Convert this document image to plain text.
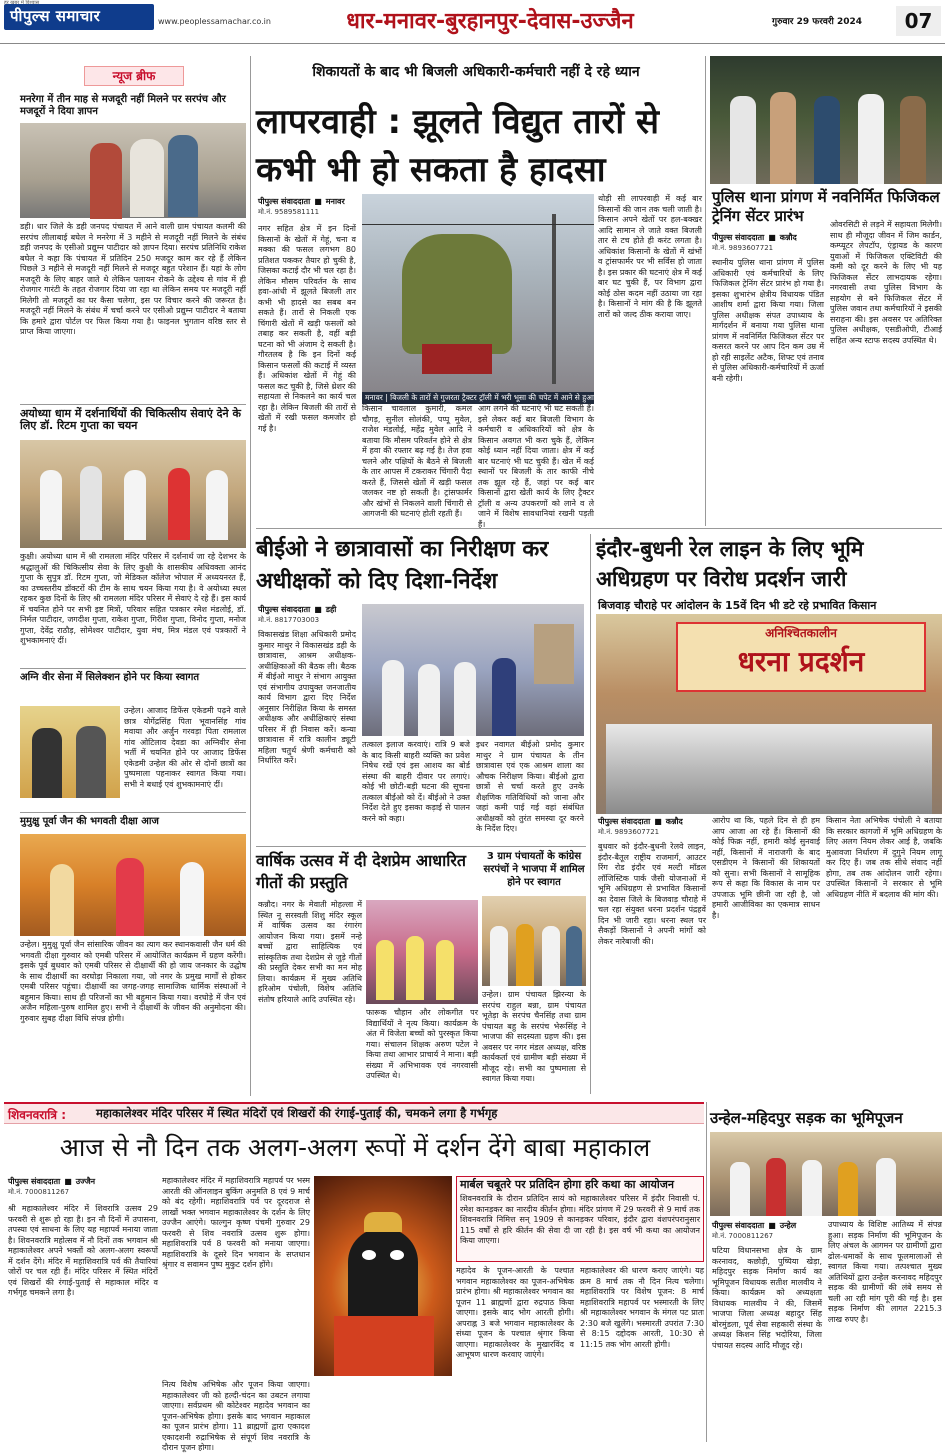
पीपुल्स समाचार
हर खबर में विश्वास
www.peoplessamachar.co.in	धार-मनावर-बुरहानपुर-देवास-उज्जैन	गुरुवार 29 फरवरी 2024	07
न्यूज ब्रीफ
मनरेगा में तीन माह से मजदूरी नहीं मिलने पर सरपंच और मजदूरों ने दिया ज्ञापन
डही। धार जिले के डही जनपद पंचायत में आने वाली ग्राम पंचायत कलमी की सरपंच लीलाबाई बघेल ने मनरेगा में 3 महीने से मजदूरी नहीं मिलने के संबंध डही जनपद के एसीओ प्रद्युम्न पाटीदार को ज्ञापन दिया। सरपंच प्रतिनिधि राकेश बघेल ने कहा कि पंचायत में प्रतिदिन 250 मजदूर काम कर रहे हैं लेकिन पिछले 3 महीने से मजदूरी नहीं मिलने से मजदूर बहुत परेशान हैं। यहां के लोग मजदूरी के लिए बाहर जाते थे लेकिन पलायन रोकने के उद्देश्य से गांव में ही रोजगार गारंटी के तहत रोजगार दिया जा रहा था लेकिन समय पर मजदूरी नहीं मिलेगी तो मजदूरों का घर कैसा चलेगा, इस पर विचार करने की जरूरत है। मजदूरी नहीं मिलने के संबंध में चर्चा करने पर एसीओ प्रद्युम्न पाटीदार ने बताया कि हमारे द्वारा पोर्टल पर फिल किया गया है। फाइनल भुगतान वरिष्ठ स्तर से प्राप्त किया जाएगा।
अयोध्या धाम में दर्शनार्थियों की चिकित्सीय सेवाएं देने के लिए डॉ. रिटम गुप्ता का चयन
कुक्षी। अयोध्या धाम में श्री रामलला मंदिर परिसर में दर्शनार्थ जा रहे देशभर के श्रद्धालुओं की चिकित्सीय सेवा के लिए कुक्षी के शासकीय अधिवक्ता आनंद गुप्ता के सुपुत्र डॉ. रिटम गुप्ता, जो मेडिकल कॉलेज भोपाल में अध्ययनरत हैं, का उच्चस्तरीय डॉक्टरों की टीम के साथ चयन किया गया है। वे अयोध्या स्थल रहकर कुछ दिनों के लिए श्री रामलला मंदिर परिसर में सेवाएं दे रहे हैं। इस कार्य में चयनित होने पर सभी इष्ट मित्रों, परिवार सहित पत्रकार रमेश मंडलोई, डॉ. निर्मल पाटीदार, जगदीश गुप्ता, राकेश गुप्ता, गिरीश गुप्ता, विनोद गुप्ता, मनोज गुप्ता, देवेंद्र राठौड़, सोमेश्वर पाटीदार, युवा मंच, मित्र मंडल एवं पत्रकारों ने शुभकामनाएं दीं।
अग्नि वीर सेना में सिलेक्शन होने पर किया स्वागत
उन्हेल। आजाद डिफेंस एकेडमी पढ़ने वाले छात्र योगेंद्रसिंह पिता भूवानसिंह गांव मवाया और अर्जुन गरवड़ा पिता रामलाल गांव ओटिलाव देवडा का अग्निवीर सेना भर्ती में चयनित होने पर आजाद डिफेंस एकेडमी उन्हेल की ओर से दोनों छात्रों का पुष्पमाला पहनाकर स्वागत किया गया। सभी ने बधाई एवं शुभकामनाएं दीं।
मुमुक्षु पूर्वा जैन की भगवती दीक्षा आज
उन्हेल। मुमुक्षु पूर्वा जैन सांसारिक जीवन का त्याग कर स्थानकवासी जैन धर्म की भगवती दीक्षा गुरुवार को एमबी परिसर में आयोजित कार्यक्रम में ग्रहण करेंगी। इसके पूर्व बुधवार को एमबी परिसर से दीक्षार्थी की हो जाय जनकार के उद्घोष के साथ दीक्षार्थी का वरघोड़ा निकाला गया, जो नगर के प्रमुख मार्गों से होकर एमबी परिसर पहुंचा। दीक्षार्थी का जगह-जगह सामाजिक धार्मिक संस्थाओं ने बहुमान किया। साथ ही परिजनों का भी बहुमान किया गया। वरघोड़े में जैन एवं अजैन महिला-पुरुष शामिल हुए। सभी ने दीक्षार्थी के जीवन की अनुमोदना की। गुरुवार सुबह दीक्षा विधि संपन्न होगी।
शिकायतों के बाद भी बिजली अधिकारी-कर्मचारी नहीं दे रहे ध्यान
लापरवाही : झूलते विद्युत तारों से कभी भी हो सकता है हादसा
पीपुल्स संवाददाता ■ मनावर
मो.नं. 9589581111
नगर सहित क्षेत्र में इन दिनों किसानों के खेतों में गेहूं, चना व मक्का की फसल लगभग 80 प्रतिशत पककर तैयार हो चुकी है, जिसका कटाई दौर भी चल रहा है। लेकिन मौसम परिवर्तन के साथ हवा-आंधी में झूलते बिजली तार कभी भी हादसे का सबब बन सकते हैं। तारों से निकली एक चिंगारी खेतों में खड़ी फसलों को तबाह कर सकती है, वहीं बड़ी घटना को भी अंजाम दे सकती है। गौरतलब है कि इन दिनों कई किसान फसलों की कटाई में व्यस्त हैं। अधिकांश खेतों में गेहूं की फसल कट चुकी है, जिसे थ्रेशर की सहायता से निकलने का कार्य चल रहा है। लेकिन बिजली की तारों से खेतों में रखी फसल कमजोर हो गई है।
मनावर | बिजली के तारों से गुजरता ट्रैक्टर ट्रॉली में भरी भूसा की चपेट में आने से हुआ हादसा।
किसान चावलाल कुमारी, कमल चौगड़, सुनील सोलंकी, पप्पू मुवेल, राजेश मंडलोई, महेंद्र मुवेल आदि ने बताया कि मौसम परिवर्तन होने से क्षेत्र में हवा की रफ्तार बढ़ गई है। तेज हवा चलने और पक्षियों के बैठने से बिजली के तार आपस में टकराकर चिंगारी पैदा करते हैं, जिससे खेतों में खड़ी फसल जलकर नष्ट हो सकती है। ट्रांसफार्मर और खंभों से निकलने वाली चिंगारी से आगजनी की घटनाएं होती रहती हैं।
आग लगने की घटनाएं भी घट सकती हैं। इसे लेकर कई बार बिजली विभाग के कर्मचारी व अधिकारियों को क्षेत्र के किसान अवगत भी करा चुके हैं, लेकिन कोई ध्यान नहीं दिया जाता। क्षेत्र में कई बार घटनाएं भी घट चुकी हैं। खेत में कई स्थानों पर बिजली के तार काफी नीचे तक झूल रहे हैं, जहां पर कई बार किसानों द्वारा खेती कार्य के लिए ट्रैक्टर ट्रॉली व अन्य उपकरणों को लाने व ले जाने में विशेष सावधानियां रखनी पड़ती हैं।
थोड़ी सी लापरवाही में कई बार किसानों की जान तक चली जाती है। किसान अपने खेतों पर हल-बक्खर आदि सामान ले जाते वक्त बिजली तार से टच होते ही करंट लगता है। अधिकांश किसानों के खेतों में खंभों व ट्रांसफार्मर पर भी सर्विस हो जाता है। इस प्रकार की घटनाएं क्षेत्र में कई बार घट चुकी हैं, पर विभाग द्वारा कोई ठोस कदम नहीं उठाया जा रहा है। किसानों ने मांग की है कि झूलते तारों को जल्द ठीक कराया जाए।
पुलिस थाना प्रांगण में नवनिर्मित फिजिकल ट्रेनिंग सेंटर प्रारंभ
पीपुल्स संवाददाता ■ कन्नौद
मो.नं. 9893607721
स्थानीय पुलिस थाना प्रांगण में पुलिस अधिकारी एवं कर्मचारियों के लिए फिजिकल ट्रेनिंग सेंटर प्रारंभ हो गया है। इसका शुभारंभ क्षेत्रीय विधायक पंडित आशीष शर्मा द्वारा किया गया। जिला पुलिस अधीक्षक संपत उपाध्याय के मार्गदर्शन में बनाया गया पुलिस थाना प्रांगण में नवनिर्मित फिजिकल सेंटर पर कसरत करने पर आप दिन कम उम्र में हो रही साइलेंट अटैक, शिफ्ट एवं तनाव से पुलिस अधिकारी-कर्मचारियों में ऊर्जा बनी रहेगी।
ओवरसिटी से लड़ने में सहायता मिलेगी। साथ ही मौजूदा जीवन में जिम कार्डन, कम्प्यूटर लेपटॉप, एंड्रायड के कारण युवाओं में फिजिकल एक्टिविटी की कमी को दूर करने के लिए भी यह फिजिकल सेंटर लाभदायक रहेगा। नगरवासी तथा पुलिस विभाग के सहयोग से बने फिजिकल सेंटर में पुलिस जवान तथा कर्मचारियों ने इसकी सराहना की। इस अवसर पर अतिरिक्त पुलिस अधीक्षक, एसडीओपी, टीआई सहित अन्य स्टाफ सदस्य उपस्थित थे।
बीईओ ने छात्रावासों का निरीक्षण कर अधीक्षकों को दिए दिशा-निर्देश
पीपुल्स संवाददाता ■ डही
मो.नं. 8817703003
विकासखंड शिक्षा अधिकारी प्रमोद कुमार माथुर ने विकासखंड डही के छात्रावास, आश्रम अधीक्षक-अधीक्षिकाओं की बैठक ली। बैठक में बीईओ माथुर ने संभाग आयुक्त एवं संभागीय उपायुक्त जनजातीय कार्य विभाग द्वारा दिए निर्देश अनुसार निरीक्षित किया के समस्त अधीक्षक और अधीक्षिकाएं संस्था परिसर में ही निवास करें। कन्या छात्रावास में रात्रि कालीन ड्यूटी महिला चतुर्थ श्रेणी कर्मचारी को निर्धारित करें।
तत्काल इलाज करवाएं। रात्रि 9 बजे के बाद किसी बाहरी व्यक्ति का प्रवेश निषेध रखें एवं इस आशय का बोर्ड संस्था की बाहरी दीवार पर लगाएं। कोई भी छोटी-बड़ी घटना की सूचना तत्काल बीईओ को दें। बीईओ ने उक्त निर्देश देते हुए इसका कड़ाई से पालन करने को कहा।
इधर नवागत बीईओ प्रमोद कुमार माथुर ने ग्राम पंचायत के तीन छात्रावास एवं एक आश्रम शाला का औचक निरीक्षण किया। बीईओ द्वारा छात्रों से चर्चा करते हुए उनके शैक्षणिक गतिविधियों को जाना और जहां कमी पाई गई वहां संबंधित अधीक्षकों को तुरंत समस्या दूर करने के निर्देश दिए।
इंदौर-बुधनी रेल लाइन के लिए भूमि अधिग्रहण पर विरोध प्रदर्शन जारी
बिजवाड़ चौराहे पर आंदोलन के 15वें दिन भी डटे रहे प्रभावित किसान
अनिश्चितकालीन
धरना प्रदर्शन
पीपुल्स संवाददाता ■ कन्नौद
मो.नं. 9893607721
बुधवार को इंदौर-बुधनी रेलवे लाइन, इंदौर-बैतूल राष्ट्रीय राजमार्ग, आउटर रिंग रोड इंदौर एवं मल्टी मॉडल लॉजिस्टिक पार्क जैसी योजनाओं में भूमि अधिग्रहण से प्रभावित किसानों का देवास जिले के बिजवाड़ चौराहे में चल रहा संयुक्त धरना प्रदर्शन पंद्रहवें दिन भी जारी रहा। धरना स्थल पर सैकड़ों किसानों ने अपनी मांगों को लेकर नारेबाजी की।
आरोप था कि, पहले दिन से ही हम आप आजा आ रहे हैं। किसानों की कोई फिक्र नहीं, हमारी कोई सुनवाई नहीं, किसानों में नाराजगी के बाद एसडीएम ने किसानों की शिकायतों को सुना। सभी किसानों ने सामूहिक रूप से कहा कि विकास के नाम पर उपजाऊ भूमि छीनी जा रही है, जो हमारी आजीविका का एकमात्र साधन है।
किसान नेता अभिषेक पंचोली ने बताया कि सरकार कागजों में भूमि अधिग्रहण के लिए अलग नियम लेकर आई है, जबकि मुआवजा निर्धारण में दुगुने नियम लागू कर दिए हैं। जब तक सीधे संवाद नहीं होगा, तब तक आंदोलन जारी रहेगा। उपस्थित किसानों ने सरकार से भूमि अधिग्रहण नीति में बदलाव की मांग की।
वार्षिक उत्सव में दी देशप्रेम आधारित गीतों की प्रस्तुति
कन्नौद। नगर के मेवाती मोहल्ला में स्थित नू सरस्वती शिशु मंदिर स्कूल में वार्षिक उत्सव का रंगारंग आयोजन किया गया। इसमें नन्हे बच्चों द्वारा साहित्यिक एवं सांस्कृतिक तथा देशप्रेम से जुड़े गीतों की प्रस्तुति देकर सभी का मन मोह लिया। कार्यक्रम में मुख्य अतिथि हरिओम पंचोली, विशेष अतिथि संतोष हरियाले आदि उपस्थित रहे।
फारूक चौहान और लोकगीत पर विद्यार्थियों ने नृत्य किया। कार्यक्रम के अंत में विजेता बच्चों को पुरस्कृत किया गया। संचालन शिक्षक अरुण पटेल ने किया तथा आभार प्राचार्य ने माना। बड़ी संख्या में अभिभावक एवं नगरवासी उपस्थित थे।
3 ग्राम पंचायतों के कांग्रेस सरपंचों ने भाजपा में शामिल होने पर स्वागत
उन्हेल। ग्राम पंचायत झिरन्या के सरपंच राहुल बन्ना, ग्राम पंचायत भूतेड़ा के सरपंच चैनसिंह तथा ग्राम पंचायत बहु के सरपंच भेरूसिंह ने भाजपा की सदस्यता ग्रहण की। इस अवसर पर नगर मंडल अध्यक्ष, वरिष्ठ कार्यकर्ता एवं ग्रामीण बड़ी संख्या में मौजूद रहे। सभी का पुष्पमाला से स्वागत किया गया।
शिवनवरात्रि :	महाकालेश्वर मंदिर परिसर में स्थित मंदिरों एवं शिखरों की रंगाई-पुताई की, चमकने लगा है गर्भगृह
आज से नौ दिन तक अलग-अलग रूपों में दर्शन देंगे बाबा महाकाल
पीपुल्स संवाददाता ■ उज्जैन
मो.नं. 7000811267
श्री महाकालेश्वर मंदिर में शिवरात्रि उत्सव 29 फरवरी से शुरू हो रहा है। इन नौ दिनों में उपासना, तपस्या एवं साधना के लिए यह महापर्व मनाया जाता है। शिवनवरात्रि महोत्सव में नौ दिनों तक भगवान श्री महाकालेश्वर अपने भक्तों को अलग-अलग स्वरूपों में दर्शन देंगे। मंदिर में महाशिवरात्रि पर्व की तैयारियां जोरों पर चल रही हैं। मंदिर परिसर में स्थित मंदिरों एवं शिखरों की रंगाई-पुताई से महाकाल मंदिर व गर्भगृह चमकने लगा है।
महाकालेश्वर मंदिर में महाशिवरात्रि महापर्व पर भस्म आरती की ऑनलाइन बुकिंग अनुमति 8 एवं 9 मार्च को बंद रहेगी। महाशिवरात्रि पर्व पर दूरदराज से लाखों भक्त भगवान महाकालेश्वर के दर्शन के लिए उज्जैन आएंगे। फाल्गुन कृष्ण पंचमी गुरुवार 29 फरवरी से शिव नवरात्रि उत्सव शुरू होगा। महाशिवरात्रि पर्व 8 फरवरी को मनाया जाएगा। महाशिवरात्रि के दूसरे दिन भगवान के सप्तधान श्रृंगार व सवामन पुष्प मुकुट दर्शन होंगे।
नित्य विशेष अभिषेक और पूजन किया जाएगा। महाकालेश्वर जी को हल्दी-चंदन का उबटन लगाया जाएगा। सर्वप्रथम श्री कोटेश्वर महादेव भगवान का पूजन-अभिषेक होगा। इसके बाद भगवान महाकाल का पूजन प्रारंभ होगा। 11 ब्राह्मणों द्वारा एकादश एकादशनी रुद्राभिषेक से संपूर्ण शिव नवरात्रि के दौरान पूजन होगा।
मार्बल चबूतरे पर प्रतिदिन होगा हरि कथा का आयोजन
शिवनवरात्रि के दौरान प्रतिदिन सायं को महाकालेश्वर परिसर में इंदौर निवासी पं. रमेश कानड़कर का नारदीय कीर्तन होगा। मंदिर प्रांगण में 29 फरवरी से 9 मार्च तक शिवनवरात्रि निमित्त सन् 1909 से कानड़कर परिवार, इंदौर द्वारा वंशपरंपरानुसार 115 वर्षों से हरि कीर्तन की सेवा दी जा रही है। इस वर्ष भी कथा का आयोजन किया जाएगा।
महादेव के पूजन-आरती के पश्चात भगवान महाकालेश्वर का पूजन-अभिषेक प्रारंभ होगा। श्री महाकालेश्वर भगवान का पूजन 11 ब्राह्मणों द्वारा रुद्रपाठ किया जाएगा। इसके बाद भोग आरती होगी। अपराह्न 3 बजे भगवान महाकालेश्वर के संध्या पूजन के पश्चात श्रृंगार किया जाएगा। महाकालेश्वर के मुखारविंद व आभूषण धारण करवाए जाएंगे।
महाकालेश्वर की धारण कराए जाएंगे। यह क्रम 8 मार्च तक नौ दिन नित्य चलेगा। महाशिवरात्रि पर विशेष पूजन: 8 मार्च महाशिवरात्रि महापर्व पर भस्मारती के लिए श्री महाकालेश्वर भगवान के मंगल पट प्रातः 2:30 बजे खुलेंगे। भस्मारती उपरांत 7:30 से 8:15 दद्दोदक आरती, 10:30 से 11:15 तक भोग आरती होगी।
उन्हेल-महिदपुर सड़क का भूमिपूजन
पीपुल्स संवाददाता ■ उन्हेल
मो.नं. 7000811267
घटिया विधानसभा क्षेत्र के ग्राम करनावद, कछोड़ी, पुष्पिया खेड़ा, महिदपुर सड़क निर्माण कार्य का भूमिपूजन विधायक सतीश मालवीय ने किया। कार्यक्रम को अध्यक्षता विधायक मालवीय ने की, जिसमें भाजपा जिला अध्यक्ष बहादुर सिंह बोरमुंडला, पूर्व सेवा सहकारी संस्था के अध्यक्ष किशन सिंह भदोरिया, जिला पंचायत सदस्य आदि मौजूद रहे।
उपाध्याय के विशिष्ट आतिथ्य में संपन्न हुआ। सड़क निर्माण की भूमिपूजन के लिए अंचल के आगमन पर ग्रामीणों द्वारा ढोल-धमाकों के साथ फूलमालाओं से स्वागत किया गया। तत्पश्चात मुख्य अतिथियों द्वारा उन्हेल करनावद महिदपुर सड़क की ग्रामीणों की लंबे समय से चली आ रही मांग पूरी की गई है। इस सड़क निर्माण की लागत 2215.3 लाख रुपए है।
